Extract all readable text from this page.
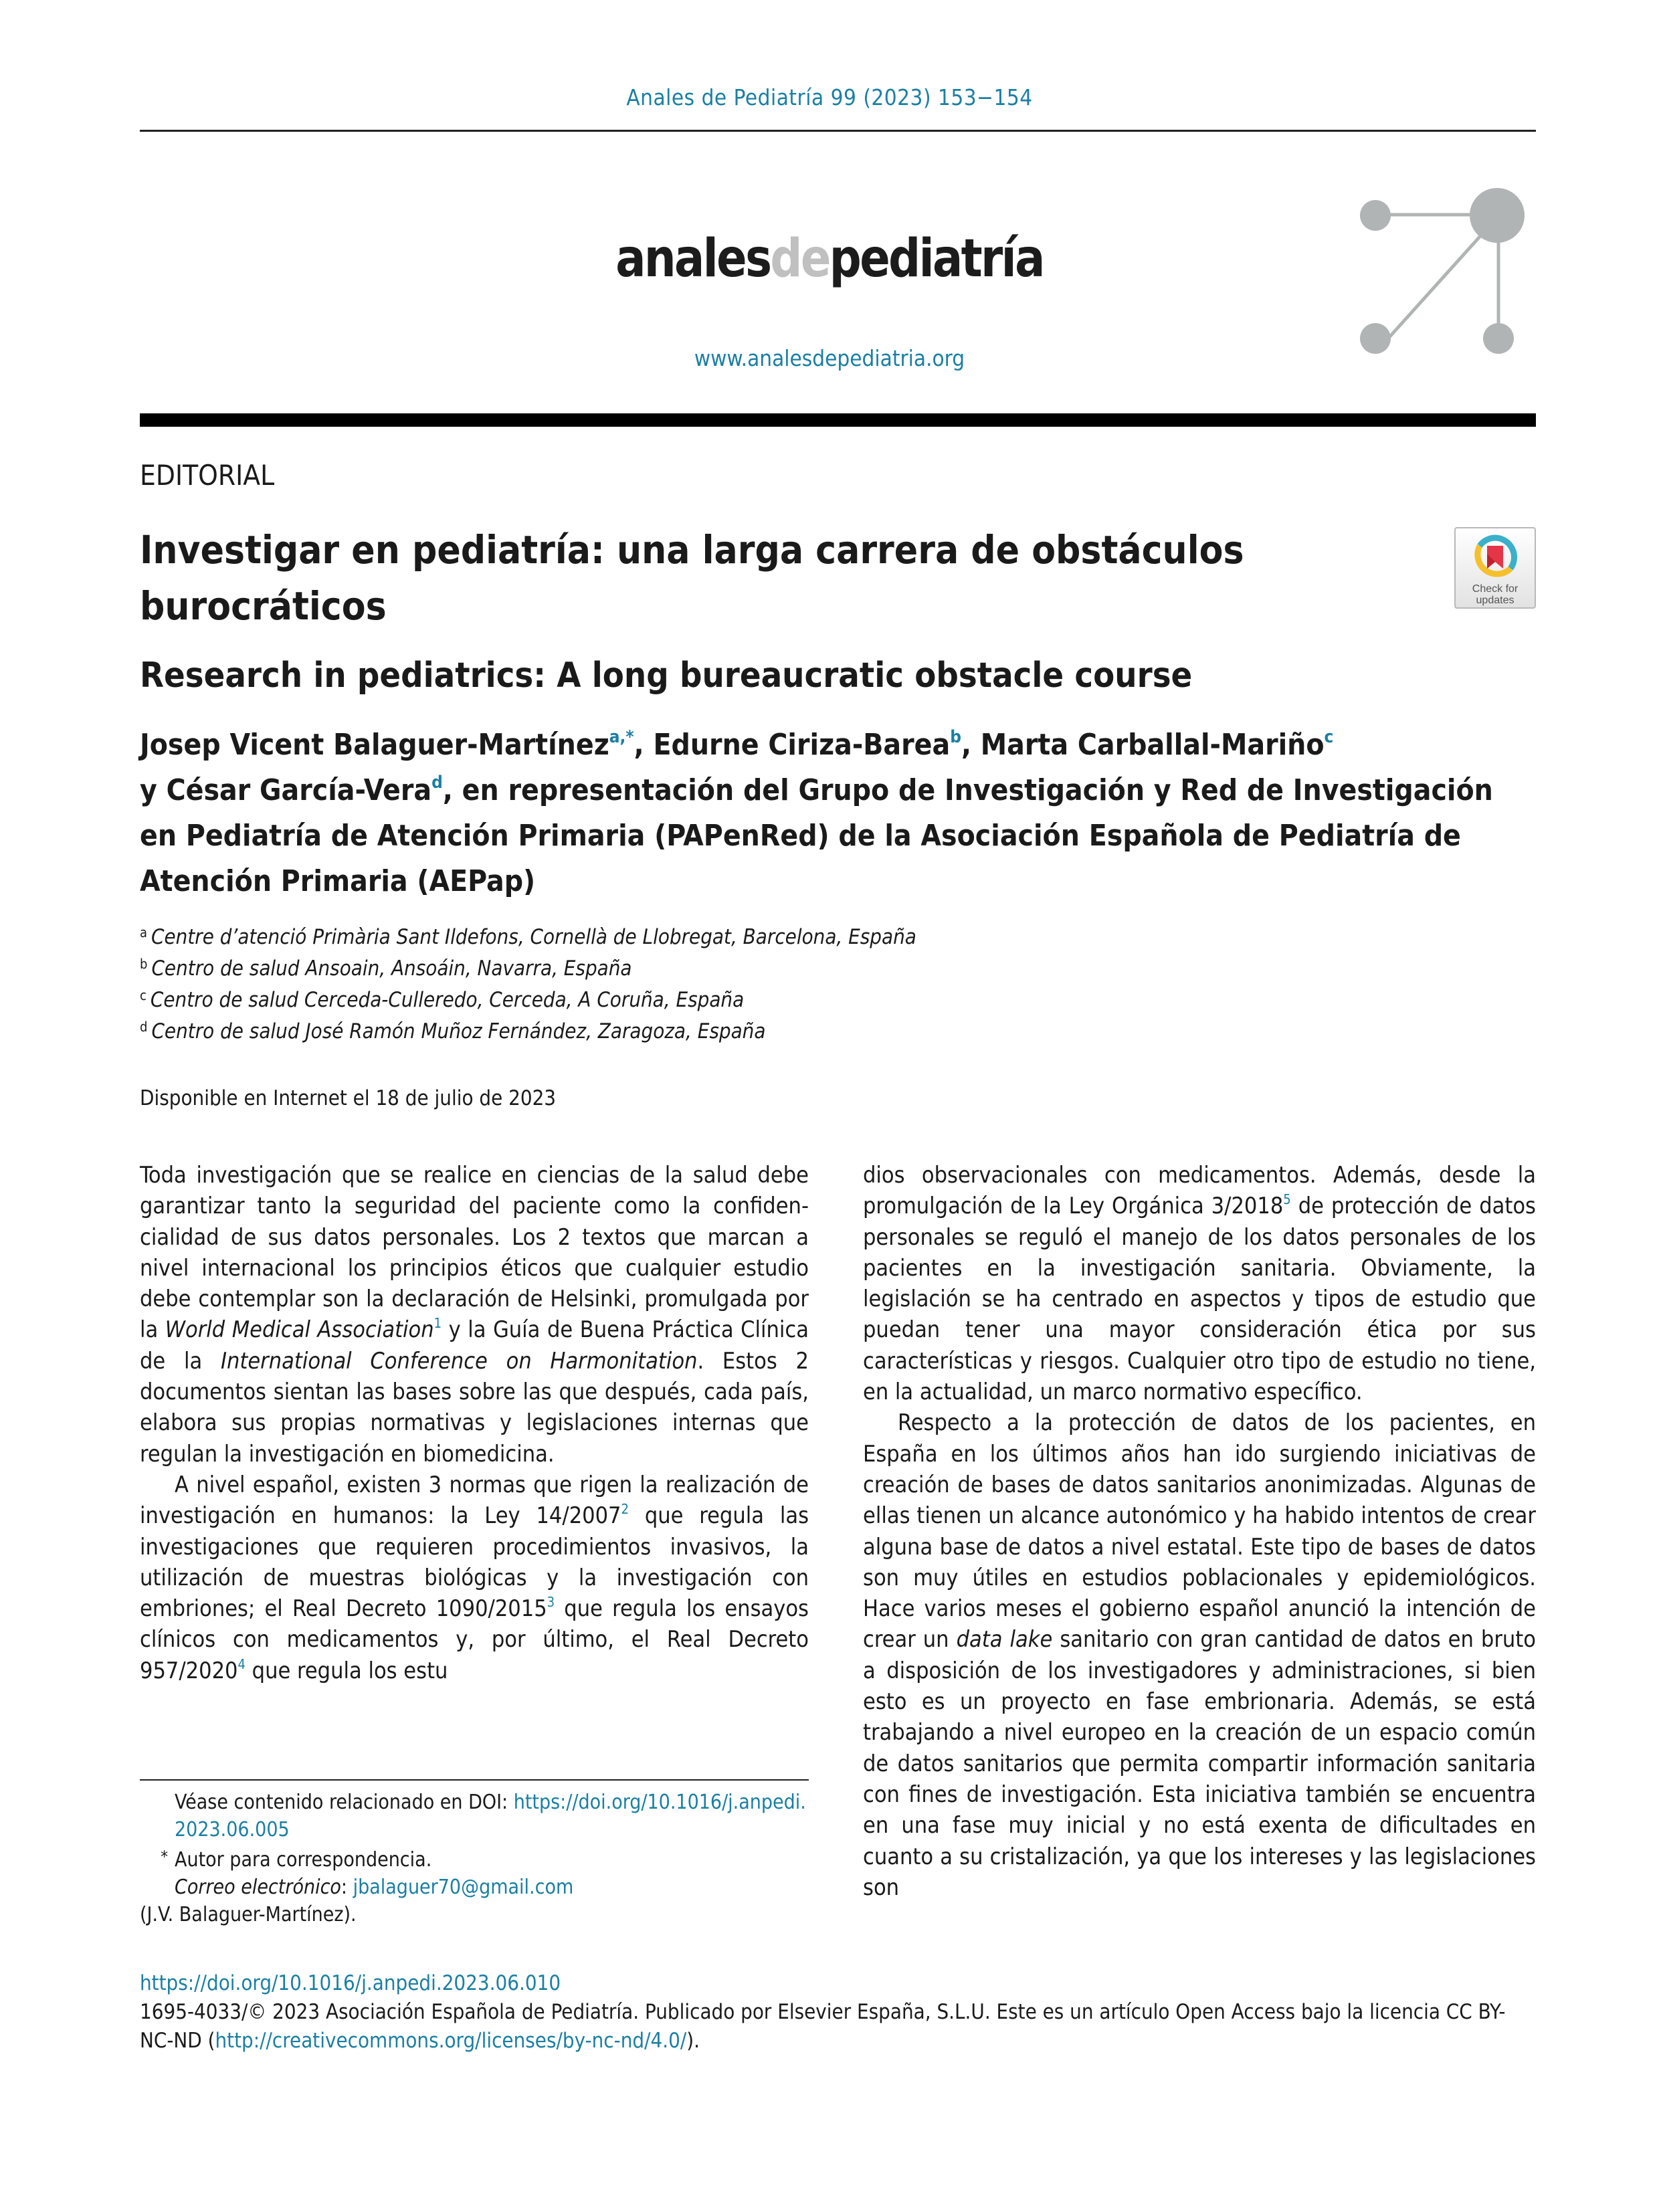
Anales de Pediatría 99 (2023) 153−154
analesdepediatría
www.analesdepediatria.org
EDITORIAL
Investigar en pediatría: una larga carrera de obstáculos
burocráticos	Check for
updates
Research in pediatrics: A long bureaucratic obstacle course
Josep Vicent Balaguer-Martínez$^{a,*}$, Edurne Ciriza-Barea$^b$, Marta Carballal-Mariño$^c$
y César García-Vera$^d$, en representación del Grupo de Investigación y Red de Investigación en Pediatría de Atención Primaria (PAPenRed) de la Asociación Española de Pediatría de Atención Primaria (AEPap)
$^a$ Centre d’atenció Primària Sant Ildefons, Cornellà de Llobregat, Barcelona, España
$^b$ Centro de salud Ansoain, Ansoáin, Navarra, España
$^c$ Centro de salud Cerceda-Culleredo, Cerceda, A Coruña, España
$^d$ Centro de salud José Ramón Muñoz Fernández, Zaragoza, España
Disponible en Internet el 18 de julio de 2023

Toda investigación que se realice en ciencias de la salud debe garantizar tanto la seguridad del paciente como la confidencialidad de sus datos personales. Los 2 textos que marcan a nivel internacional los principios éticos que cualquier estudio debe contemplar son la declaración de Helsinki, promulgada por la World Medical Association$^1$ y la Guía de Buena Práctica Clínica de la International Conference on Harmonitation. Estos 2 documentos sientan las bases sobre las que después, cada país, elabora sus propias normativas y legislaciones internas que regulan la investigación en biomedicina.

A nivel español, existen 3 normas que rigen la realización de investigación en humanos: la Ley 14/2007$^2$ que regula las investigaciones que requieren procedimientos invasivos, la utilización de muestras biológicas y la investigación con embriones; el Real Decreto 1090/2015$^3$ que regula los ensayos clínicos con medicamentos y, por último, el Real Decreto 957/2020$^4$ que regula los estu

Véase contenido relacionado en DOI: https://doi.org/10.1016/j.anpedi.2023.06.005
* Autor para correspondencia.
Correo electrónico: jbalaguer70@gmail.com
(J.V. Balaguer-Martínez).

dios observacionales con medicamentos. Además, desde la promulgación de la Ley Orgánica 3/2018$^5$ de protección de datos personales se reguló el manejo de los datos personales de los pacientes en la investigación sanitaria. Obviamente, la legislación se ha centrado en aspectos y tipos de estudio que puedan tener una mayor consideración ética por sus características y riesgos. Cualquier otro tipo de estudio no tiene, en la actualidad, un marco normativo específico.

Respecto a la protección de datos de los pacientes, en España en los últimos años han ido surgiendo iniciativas de creación de bases de datos sanitarios anonimizadas. Algunas de ellas tienen un alcance autonómico y ha habido intentos de crear alguna base de datos a nivel estatal. Este tipo de bases de datos son muy útiles en estudios poblacionales y epidemiológicos. Hace varios meses el gobierno español anunció la intención de crear un data lake sanitario con gran cantidad de datos en bruto a disposición de los investigadores y administraciones, si bien esto es un proyecto en fase embrionaria. Además, se está trabajando a nivel europeo en la creación de un espacio común de datos sanitarios que permita compartir información sanitaria con fines de investigación. Esta iniciativa también se encuentra en una fase muy inicial y no está exenta de dificultades en cuanto a su cristalización, ya que los intereses y las legislaciones son

https://doi.org/10.1016/j.anpedi.2023.06.010
1695-4033/© 2023 Asociación Española de Pediatría. Publicado por Elsevier España, S.L.U. Este es un artículo Open Access bajo la licencia CC BY-NC-ND (http://creativecommons.org/licenses/by-nc-nd/4.0/).
